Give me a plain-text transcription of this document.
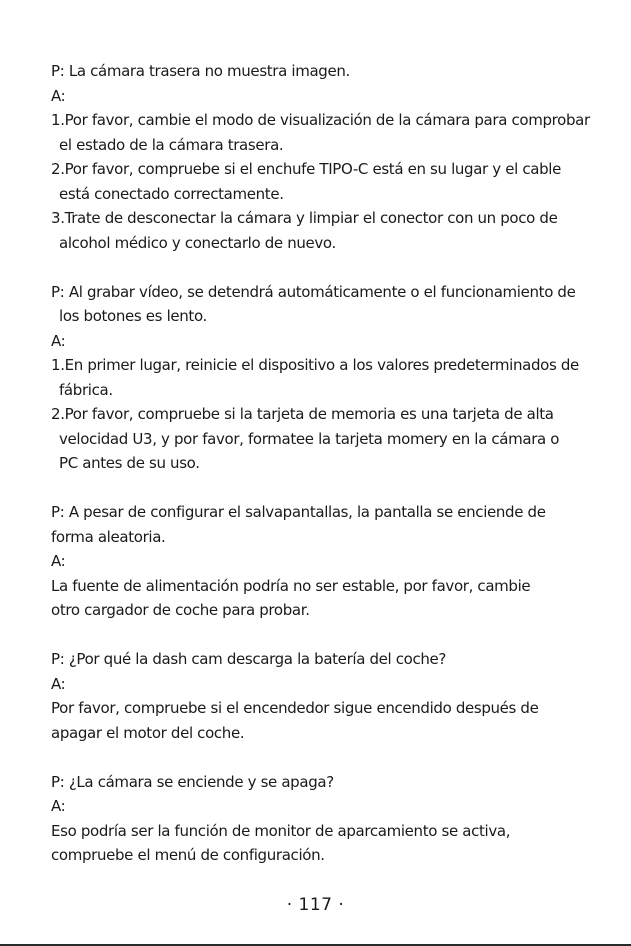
P: La cámara trasera no muestra imagen.

A:

1.Por favor, cambie el modo de visualización de la cámara para comprobar

el estado de la cámara trasera.

2.Por favor, compruebe si el enchufe TIPO-C está en su lugar y el cable

está conectado correctamente.

3.Trate de desconectar la cámara y limpiar el conector con un poco de

alcohol médico y conectarlo de nuevo.

P: Al grabar vídeo, se detendrá automáticamente o el funcionamiento de

los botones es lento.

A:

1.En primer lugar, reinicie el dispositivo a los valores predeterminados de

fábrica.

2.Por favor, compruebe si la tarjeta de memoria es una tarjeta de alta

velocidad U3, y por favor, formatee la tarjeta momery en la cámara o

PC antes de su uso.

P: A pesar de configurar el salvapantallas, la pantalla se enciende de

forma aleatoria.

A:

La fuente de alimentación podría no ser estable, por favor, cambie

otro cargador de coche para probar.

P: ¿Por qué la dash cam descarga la batería del coche?

A:

Por favor, compruebe si el encendedor sigue encendido después de

apagar el motor del coche.

P: ¿La cámara se enciende y se apaga?

A:

Eso podría ser la función de monitor de aparcamiento se activa,

compruebe el menú de configuración.

· 117 ·
